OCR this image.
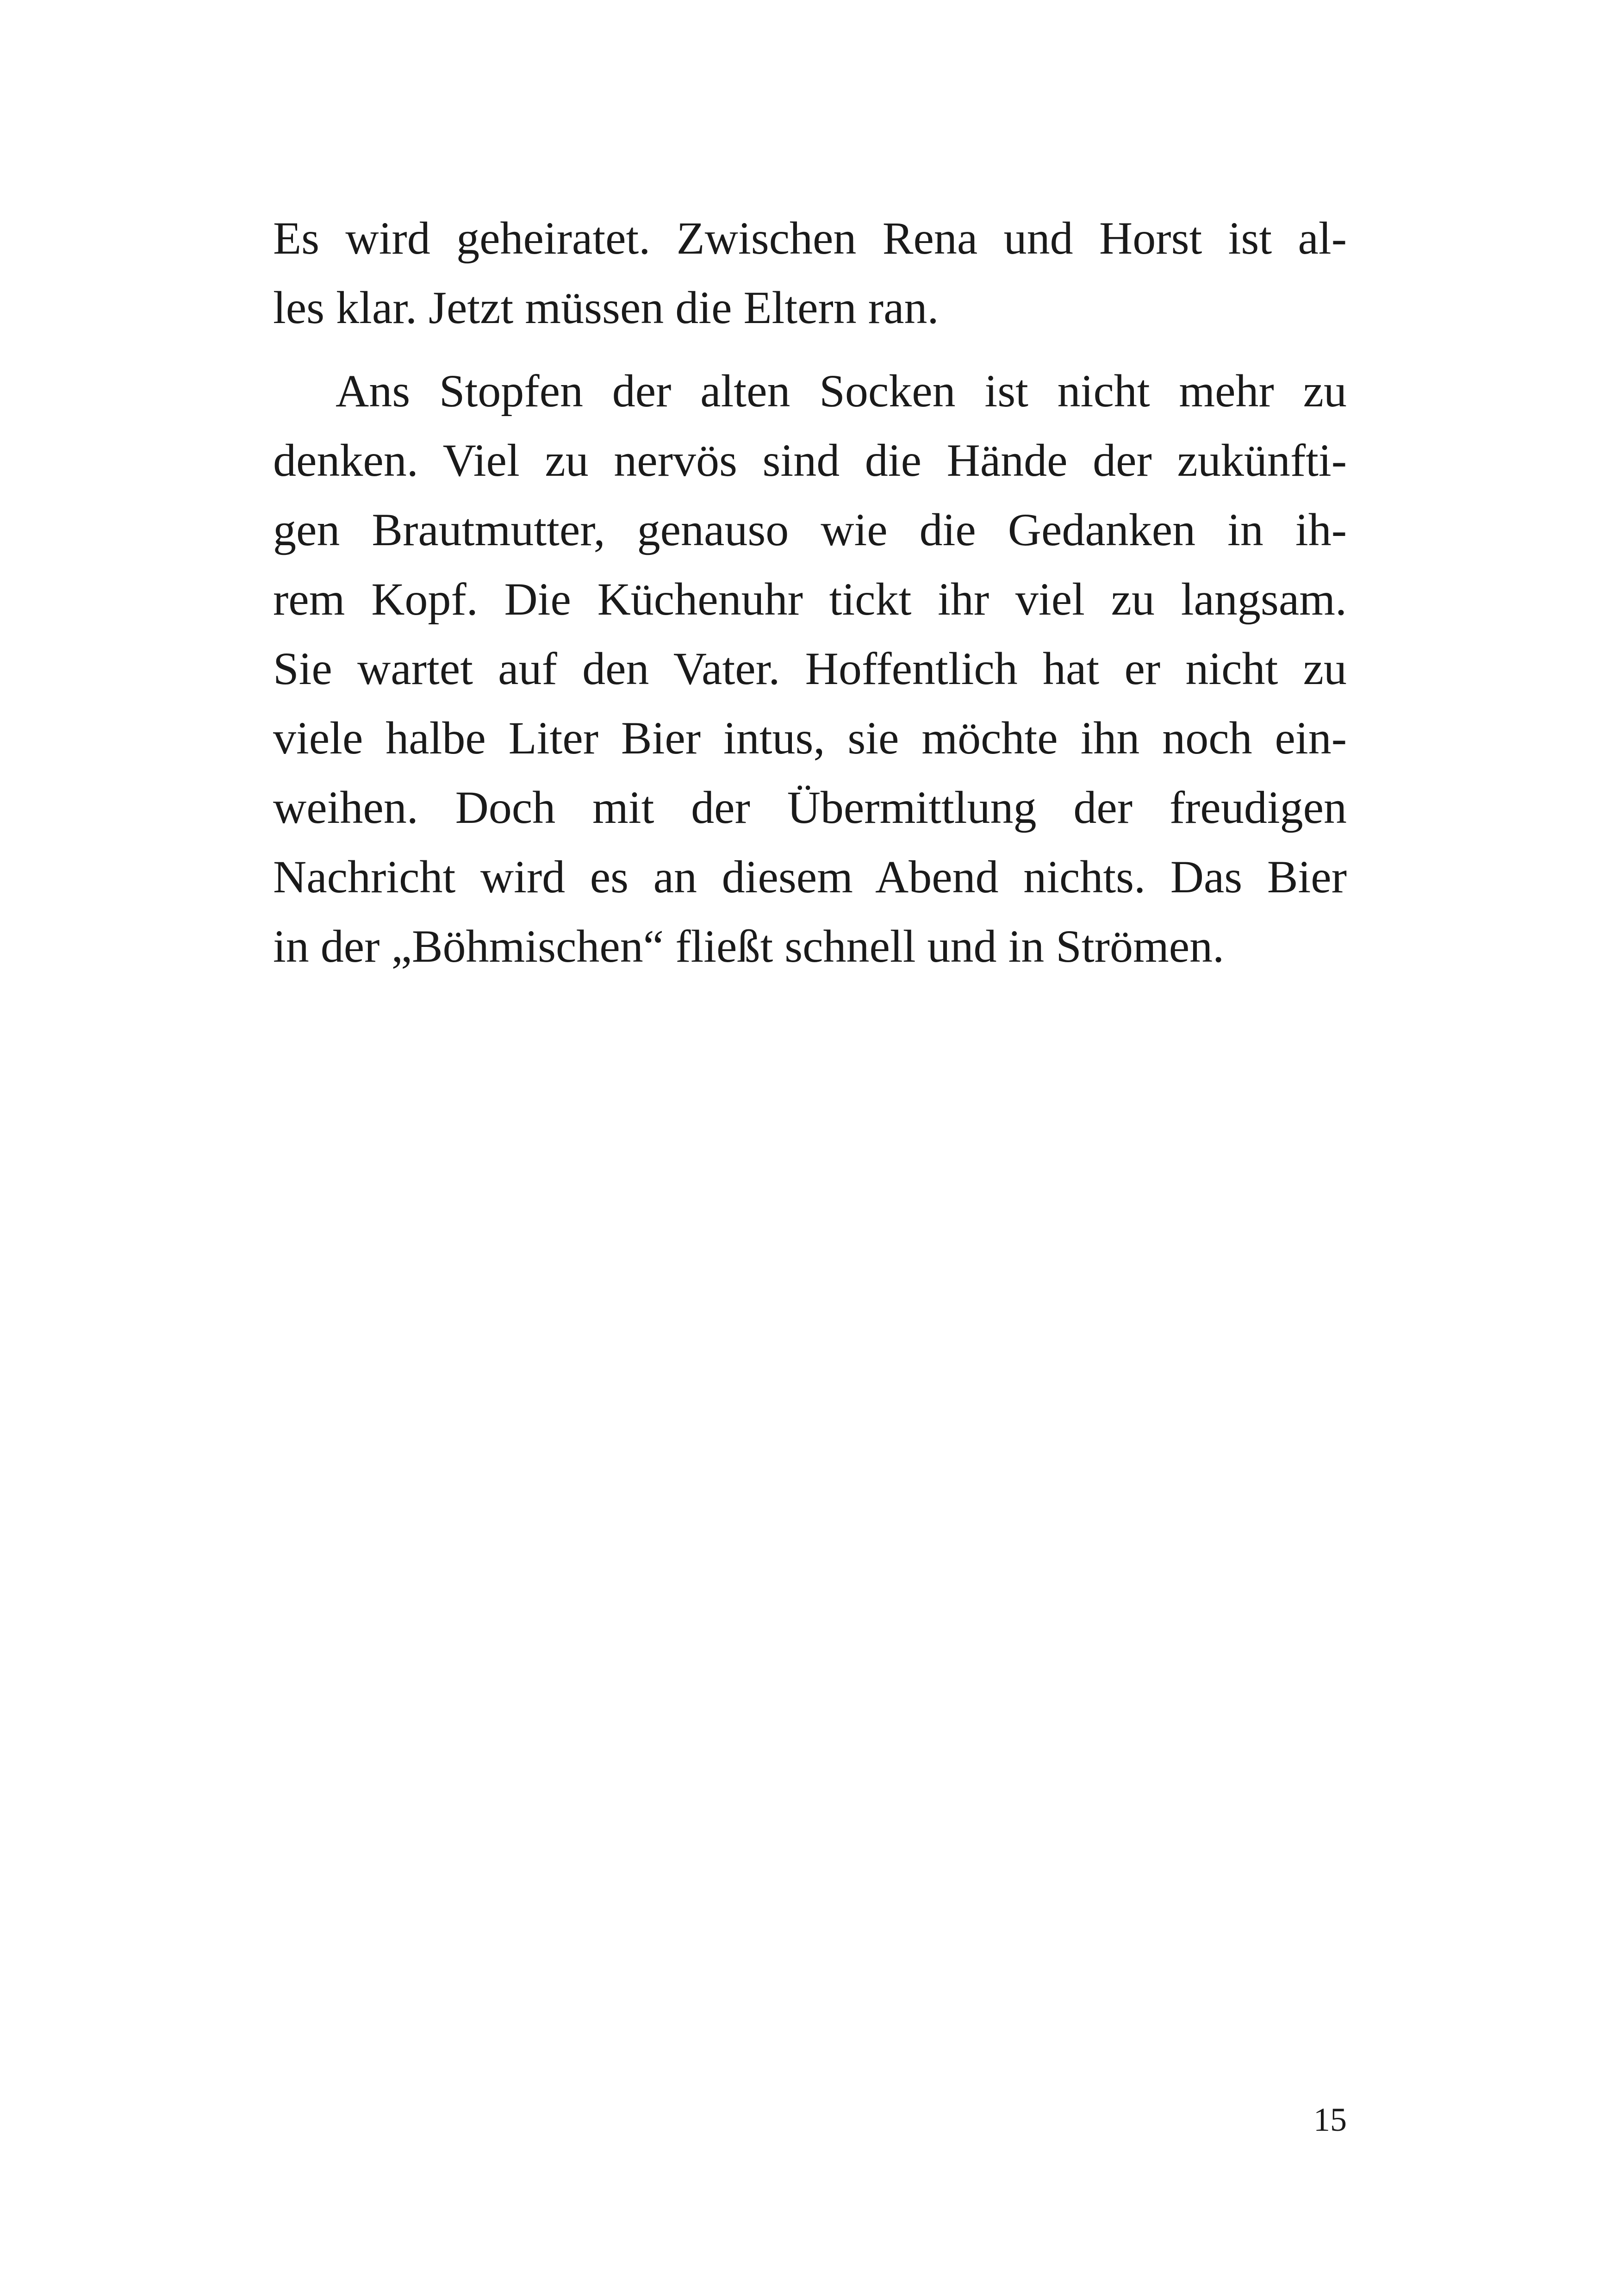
Es wird geheiratet. Zwischen Rena und Horst ist al-
les klar. Jetzt müssen die Eltern ran.
Ans Stopfen der alten Socken ist nicht mehr zu
denken. Viel zu nervös sind die Hände der zukünfti-
gen Brautmutter, genauso wie die Gedanken in ih-
rem Kopf. Die Küchenuhr tickt ihr viel zu langsam.
Sie wartet auf den Vater. Hoffentlich hat er nicht zu
viele halbe Liter Bier intus, sie möchte ihn noch ein-
weihen. Doch mit der Übermittlung der freudigen
Nachricht wird es an diesem Abend nichts. Das Bier
in der „Böhmischen“ fließt schnell und in Strömen.
15
